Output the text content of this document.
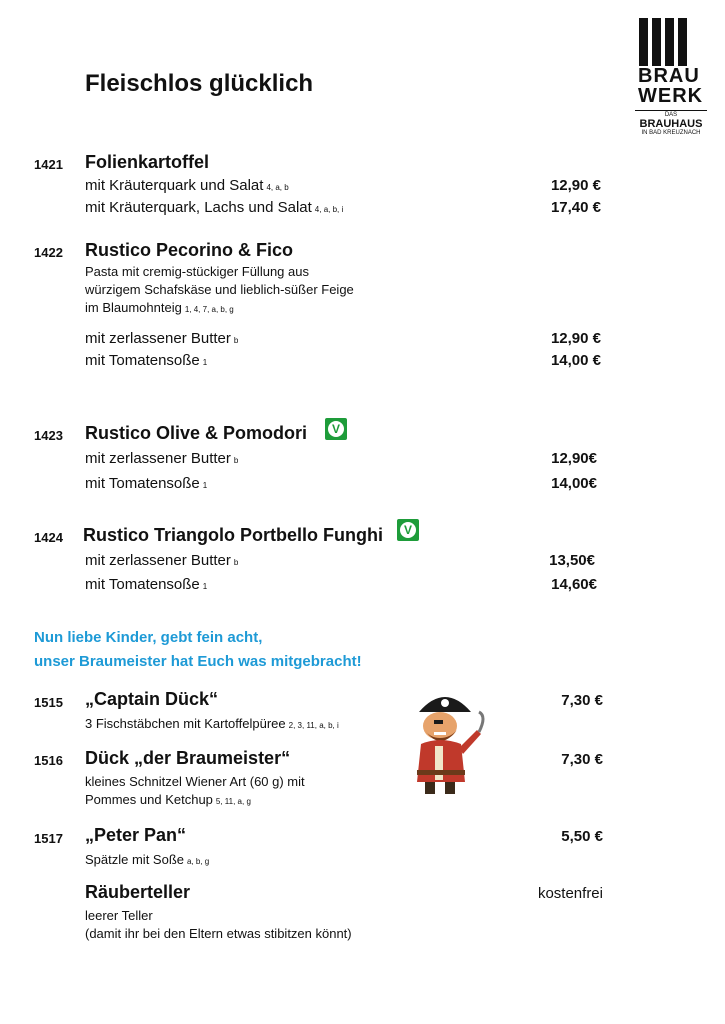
BRAU
WERK
DAS
BRAUHAUS
IN BAD KREUZNACH
Fleischlos glücklich
1421 Folienkartoffel
mit Kräuterquark und Salat 4, a, b	12,90 €
mit Kräuterquark, Lachs und Salat 4, a, b, i	17,40 €
1422 Rustico Pecorino & Fico
Pasta mit cremig-stückiger Füllung aus
würzigem Schafskäse und lieblich-süßer Feige
im Blaumohnteig 1, 4, 7, a, b, g
mit zerlassener Butter b	12,90 €
mit Tomatensoße 1	14,00 €
1423 Rustico Olive & Pomodori	V
mit zerlassener Butter b	12,90€
mit Tomatensoße 1	14,00€
1424 Rustico Triangolo Portbello Funghi	V
mit zerlassener Butter b	13,50€
mit Tomatensoße 1	14,60€
Nun liebe Kinder, gebt fein acht,
unser Braumeister hat Euch was mitgebracht!
1515 „Captain Dück“	7,30 €
3 Fischstäbchen mit Kartoffelpüree 2, 3, 11, a, b, i
1516 Dück „der Braumeister“	7,30 €
kleines Schnitzel Wiener Art (60 g) mit
Pommes und Ketchup 5, 11, a, g
1517 „Peter Pan“	5,50 €
Spätzle mit Soße a, b, g
Räuberteller	kostenfrei
leerer Teller
(damit ihr bei den Eltern etwas stibitzen könnt)
